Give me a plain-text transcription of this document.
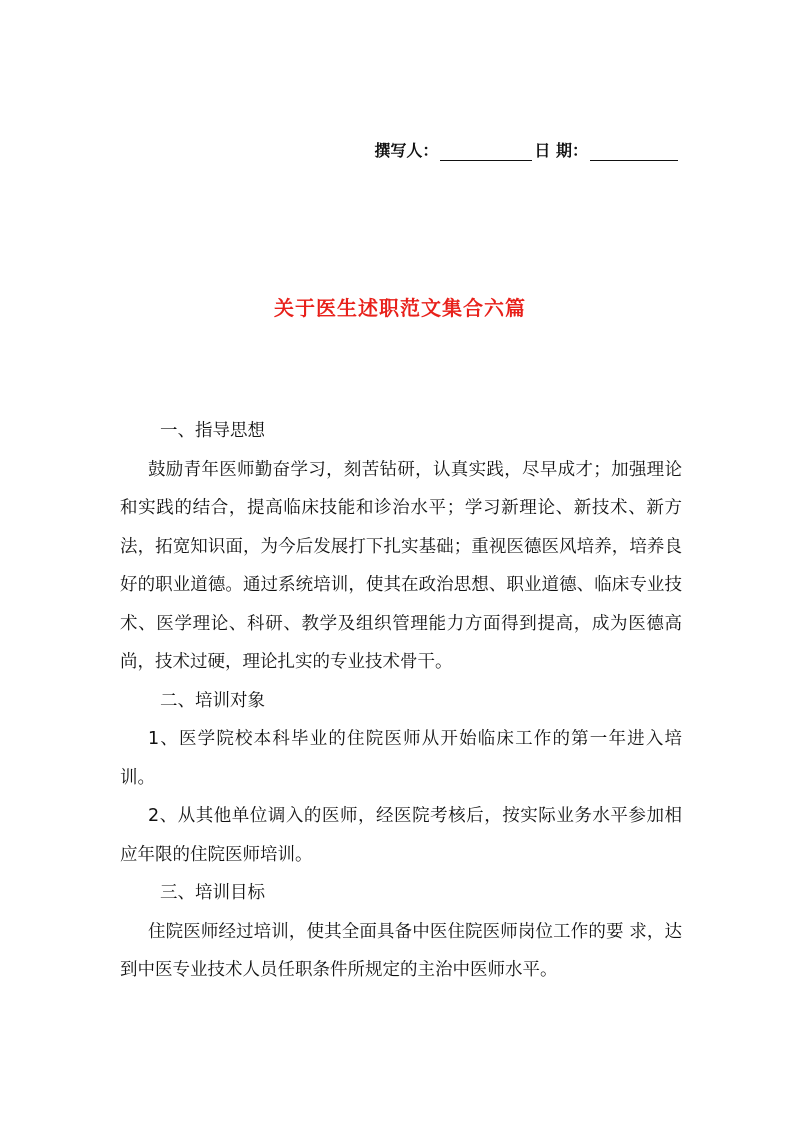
撰写人：	日 期：
关于医生述职范文集合六篇

一、指导思想

鼓励青年医师勤奋学习，刻苦钻研，认真实践，尽早成才；加强理论和实践的结合，提高临床技能和诊治水平；学习新理论、新技术、新方法，拓宽知识面，为今后发展打下扎实基础；重视医德医风培养，培养良好的职业道德。通过系统培训，使其在政治思想、职业道德、临床专业技术、医学理论、科研、教学及组织管理能力方面得到提高，成为医德高尚，技术过硬，理论扎实的专业技术骨干。

二、培训对象

1、医学院校本科毕业的住院医师从开始临床工作的第一年进入培训。

2、从其他单位调入的医师，经医院考核后，按实际业务水平参加相应年限的住院医师培训。

三、培训目标

住院医师经过培训，使其全面具备中医住院医师岗位工作的要 求，达到中医专业技术人员任职条件所规定的主治中医师水平。
